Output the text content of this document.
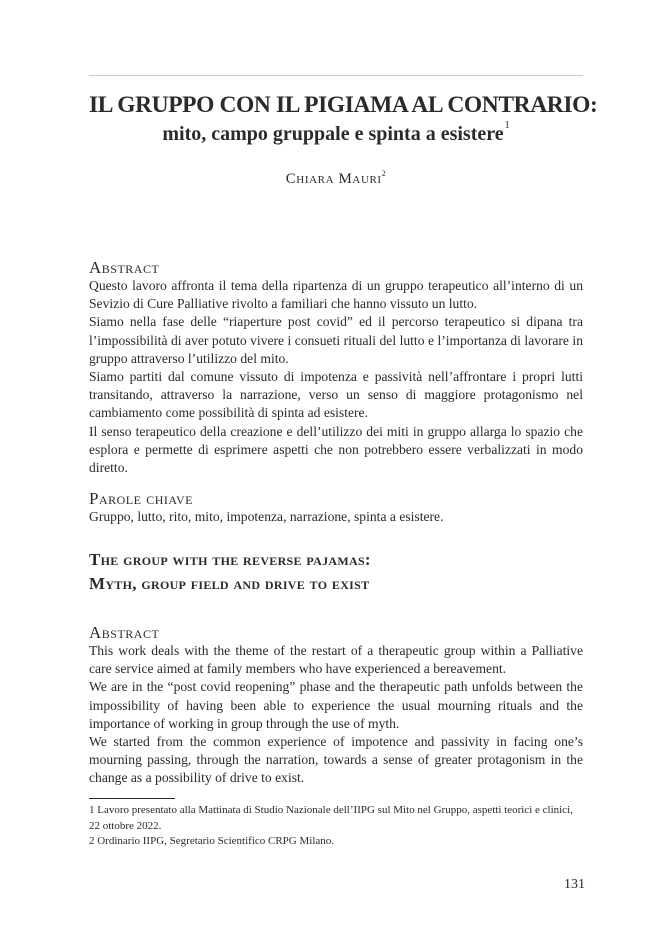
IL GRUPPO CON IL PIGIAMA AL CONTRARIO:
mito, campo gruppale e spinta a esistere$^1$
Chiara Mauri$^2$
Abstract

Questo lavoro affronta il tema della ripartenza di un gruppo terapeutico all’interno di un Sevizio di Cure Palliative rivolto a familiari che hanno vissuto un lutto.

Siamo nella fase delle “riaperture post covid” ed il percorso terapeutico si dipana tra l’impossibilità di aver potuto vivere i consueti rituali del lutto e l’importanza di lavorare in gruppo attraverso l’utilizzo del mito.

Siamo partiti dal comune vissuto di impotenza e passività nell’affrontare i propri lutti transitando, attraverso la narrazione, verso un senso di maggiore protagonismo nel cambiamento come possibilità di spinta ad esistere.

Il senso terapeutico della creazione e dell’utilizzo dei miti in gruppo allarga lo spazio che esplora e permette di esprimere aspetti che non potrebbero essere verbalizzati in modo diretto.

Parole chiave

Gruppo, lutto, rito, mito, impotenza, narrazione, spinta a esistere.

The group with the reverse pajamas:
Myth, group field and drive to exist
Abstract

This work deals with the theme of the restart of a therapeutic group within a Palliative care service aimed at family members who have experienced a bereavement.

We are in the “post covid reopening” phase and the therapeutic path unfolds between the impossibility of having been able to experience the usual mourning rituals and the importance of working in group through the use of myth.

We started from the common experience of impotence and passivity in facing one’s mourning passing, through the narration, towards a sense of greater protagonism in the change as a possibility of drive to exist.

1 Lavoro presentato alla Mattinata di Studio Nazionale dell’IIPG sul Mito nel Gruppo, aspetti teorici e clinici, 22 ottobre 2022.

2 Ordinario IIPG, Segretario Scientifico CRPG Milano.

131
